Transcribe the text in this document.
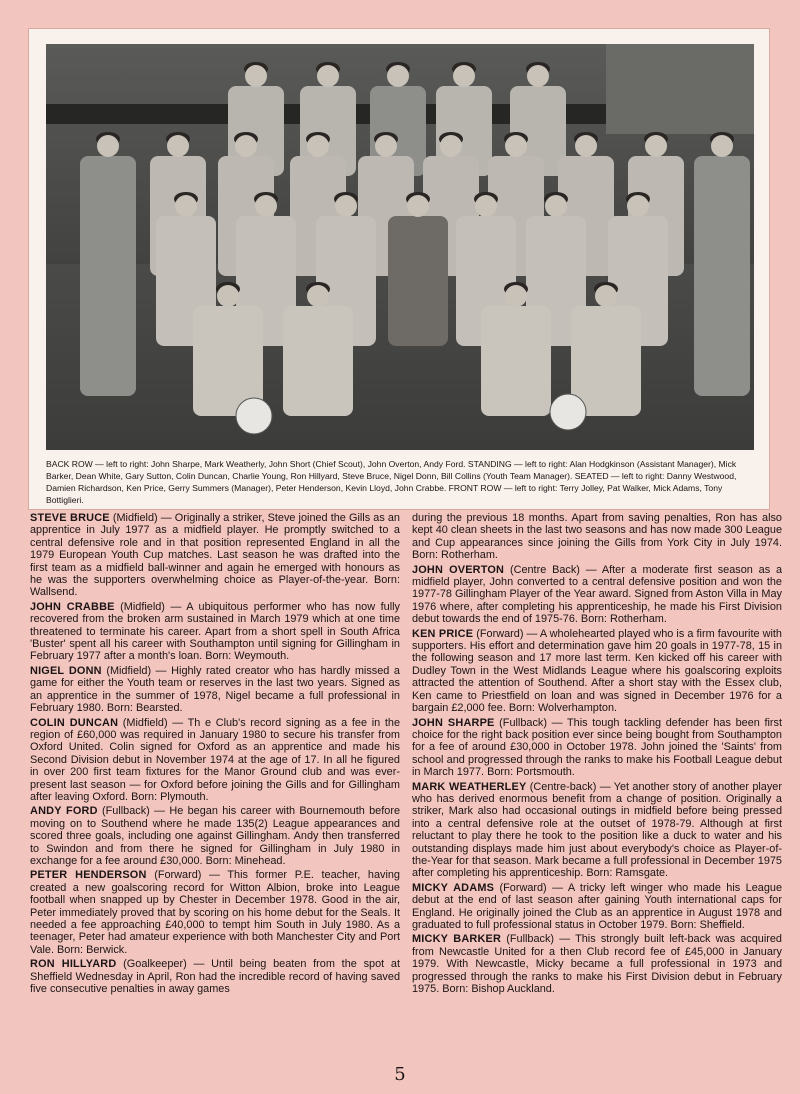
BACK ROW — left to right: John Sharpe, Mark Weatherly, John Short (Chief Scout), John Overton, Andy Ford. STANDING — left to right: Alan Hodgkinson (Assistant Manager), Mick Barker, Dean White, Gary Sutton, Colin Duncan, Charlie Young, Ron Hillyard, Steve Bruce, Nigel Donn, Bill Collins (Youth Team Manager). SEATED — left to right: Danny Westwood, Damien Richardson, Ken Price, Gerry Summers (Manager), Peter Henderson, Kevin Lloyd, John Crabbe. FRONT ROW — left to right: Terry Jolley, Pat Walker, Mick Adams, Tony Bottiglieri.

STEVE BRUCE (Midfield) — Originally a striker, Steve joined the Gills as an apprentice in July 1977 as a midfield player. He promptly switched to a central defensive role and in that position represented England in all the 1979 European Youth Cup matches. Last season he was drafted into the first team as a midfield ball-winner and again he emerged with honours as he was the supporters overwhelming choice as Player-of-the-year. Born: Wallsend.

JOHN CRABBE (Midfield) — A ubiquitous performer who has now fully recovered from the broken arm sustained in March 1979 which at one time threatened to terminate his career. Apart from a short spell in South Africa 'Buster' spent all his career with Southampton until signing for Gillingham in February 1977 after a month's loan. Born: Weymouth.

NIGEL DONN (Midfield) — Highly rated creator who has hardly missed a game for either the Youth team or reserves in the last two years. Signed as an apprentice in the summer of 1978, Nigel became a full professional in February 1980. Born: Bearsted.

COLIN DUNCAN (Midfield) — Th e Club's record signing as a fee in the region of £60,000 was required in January 1980 to secure his transfer from Oxford United. Colin signed for Oxford as an apprentice and made his Second Division debut in November 1974 at the age of 17. In all he figured in over 200 first team fixtures for the Manor Ground club and was ever-present last season — for Oxford before joining the Gills and for Gillingham after leaving Oxford. Born: Plymouth.

ANDY FORD (Fullback) — He began his career with Bournemouth before moving on to Southend where he made 135(2) League appearances and scored three goals, including one against Gillingham. Andy then transferred to Swindon and from there he signed for Gillingham in July 1980 in exchange for a fee around £30,000. Born: Minehead.

PETER HENDERSON (Forward) — This former P.E. teacher, having created a new goalscoring record for Witton Albion, broke into League football when snapped up by Chester in December 1978. Good in the air, Peter immediately proved that by scoring on his home debut for the Seals. It needed a fee approaching £40,000 to tempt him South in July 1980. As a teenager, Peter had amateur experience with both Manchester City and Port Vale. Born: Berwick.

RON HILLYARD (Goalkeeper) — Until being beaten from the spot at Sheffield Wednesday in April, Ron had the incredible record of having saved five consecutive penalties in away games

during the previous 18 months. Apart from saving penalties, Ron has also kept 40 clean sheets in the last two seasons and has now made 300 League and Cup appearances since joining the Gills from York City in July 1974. Born: Rotherham.

JOHN OVERTON (Centre Back) — After a moderate first season as a midfield player, John converted to a central defensive position and won the 1977-78 Gillingham Player of the Year award. Signed from Aston Villa in May 1976 where, after completing his apprenticeship, he made his First Division debut towards the end of 1975-76. Born: Rotherham.

KEN PRICE (Forward) — A wholehearted played who is a firm favourite with supporters. His effort and determination gave him 20 goals in 1977-78, 15 in the following season and 17 more last term. Ken kicked off his career with Dudley Town in the West Midlands League where his goalscoring exploits attracted the attention of Southend. After a short stay with the Essex club, Ken came to Priestfield on loan and was signed in December 1976 for a bargain £2,000 fee. Born: Wolverhampton.

JOHN SHARPE (Fullback) — This tough tackling defender has been first choice for the right back position ever since being bought from Southampton for a fee of around £30,000 in October 1978. John joined the 'Saints' from school and progressed through the ranks to make his Football League debut in March 1977. Born: Portsmouth.

MARK WEATHERLEY (Centre-back) — Yet another story of another player who has derived enormous benefit from a change of position. Originally a striker, Mark also had occasional outings in midfield before being pressed into a central defensive role at the outset of 1978-79. Although at first reluctant to play there he took to the position like a duck to water and his outstanding displays made him just about everybody's choice as Player-of-the-Year for that season. Mark became a full professional in December 1975 after completing his apprenticeship. Born: Ramsgate.

MICKY ADAMS (Forward) — A tricky left winger who made his League debut at the end of last season after gaining Youth international caps for England. He originally joined the Club as an apprentice in August 1978 and graduated to full professional status in October 1979. Born: Sheffield.

MICKY BARKER (Fullback) — This strongly built left-back was acquired from Newcastle United for a then Club record fee of £45,000 in January 1979. With Newcastle, Micky became a full professional in 1973 and progressed through the ranks to make his First Division debut in February 1975. Born: Bishop Auckland.

5
